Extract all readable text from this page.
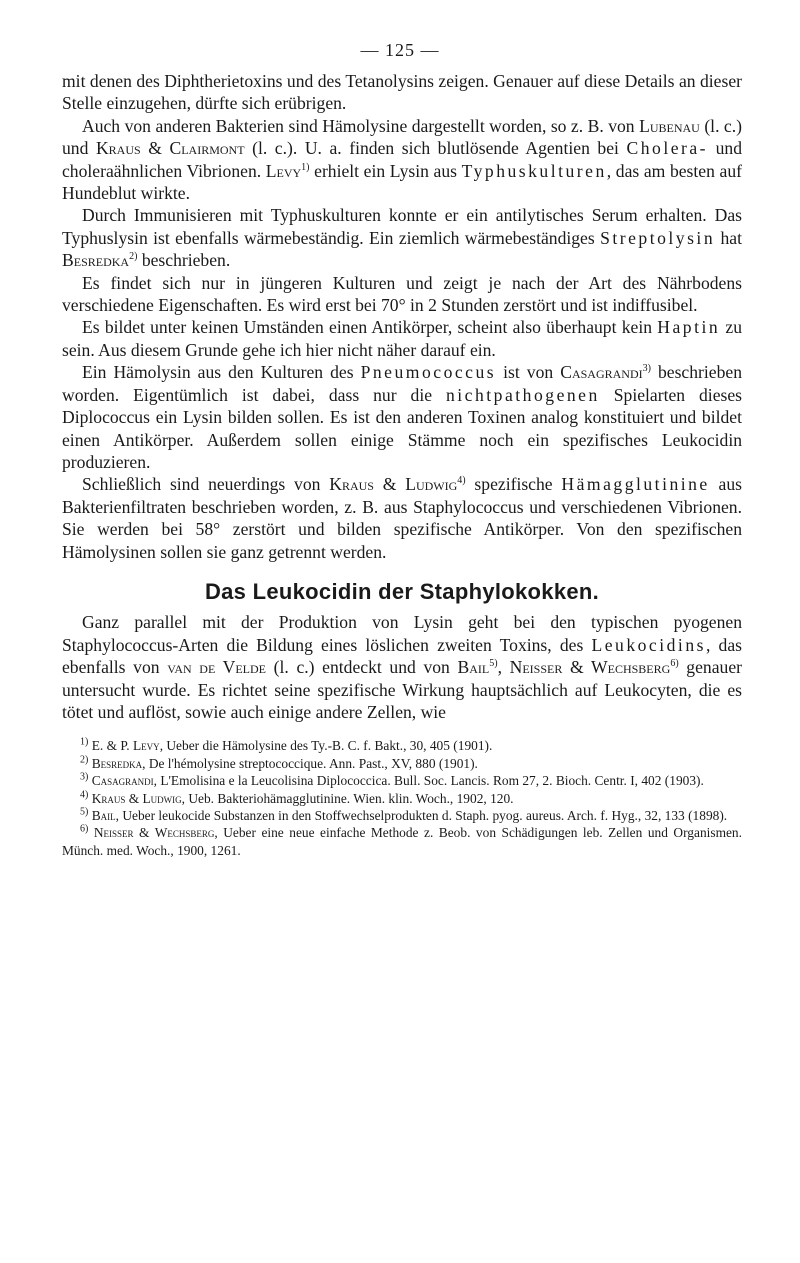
— 125 —

mit denen des Diphtherietoxins und des Tetanolysins zeigen. Genauer auf diese Details an dieser Stelle einzugehen, dürfte sich erübrigen.

Auch von anderen Bakterien sind Hämolysine dargestellt worden, so z. B. von Lubenau (l. c.) und Kraus & Clairmont (l. c.). U. a. finden sich blutlösende Agentien bei Cholera- und choleraähnlichen Vibrionen. Levy$^{1)}$ erhielt ein Lysin aus Typhuskulturen, das am besten auf Hundeblut wirkte.

Durch Immunisieren mit Typhuskulturen konnte er ein antilytisches Serum erhalten. Das Typhuslysin ist ebenfalls wärmebeständig. Ein ziemlich wärmebeständiges Streptolysin hat Besredka$^{2)}$ beschrieben.

Es findet sich nur in jüngeren Kulturen und zeigt je nach der Art des Nährbodens verschiedene Eigenschaften. Es wird erst bei 70° in 2 Stunden zerstört und ist indiffusibel.

Es bildet unter keinen Umständen einen Antikörper, scheint also überhaupt kein Haptin zu sein. Aus diesem Grunde gehe ich hier nicht näher darauf ein.

Ein Hämolysin aus den Kulturen des Pneumococcus ist von Casagrandi$^{3)}$ beschrieben worden. Eigentümlich ist dabei, dass nur die nichtpathogenen Spielarten dieses Diplococcus ein Lysin bilden sollen. Es ist den anderen Toxinen analog konstituiert und bildet einen Antikörper. Außerdem sollen einige Stämme noch ein spezifisches Leukocidin produzieren.

Schließlich sind neuerdings von Kraus & Ludwig$^{4)}$ spezifische Hämagglutinine aus Bakterienfiltraten beschrieben worden, z. B. aus Staphylococcus und verschiedenen Vibrionen. Sie werden bei 58° zerstört und bilden spezifische Antikörper. Von den spezifischen Hämolysinen sollen sie ganz getrennt werden.

Das Leukocidin der Staphylokokken.

Ganz parallel mit der Produktion von Lysin geht bei den typischen pyogenen Staphylococcus-Arten die Bildung eines löslichen zweiten Toxins, des Leukocidins, das ebenfalls von van de Velde (l. c.) entdeckt und von Bail$^{5)}$, Neisser & Wechsberg$^{6)}$ genauer untersucht wurde. Es richtet seine spezifische Wirkung hauptsächlich auf Leukocyten, die es tötet und auflöst, sowie auch einige andere Zellen, wie

$^{1)}$ E. & P. Levy, Ueber die Hämolysine des Ty.-B. C. f. Bakt., 30, 405 (1901).
$^{2)}$ Besredka, De l'hémolysine streptococcique. Ann. Past., XV, 880 (1901).
$^{3)}$ Casagrandi, L'Emolisina e la Leucolisina Diplococcica. Bull. Soc. Lancis. Rom 27, 2. Bioch. Centr. I, 402 (1903).
$^{4)}$ Kraus & Ludwig, Ueb. Bakteriohämagglutinine. Wien. klin. Woch., 1902, 120.
$^{5)}$ Bail, Ueber leukocide Substanzen in den Stoffwechselprodukten d. Staph. pyog. aureus. Arch. f. Hyg., 32, 133 (1898).
$^{6)}$ Neisser & Wechsberg, Ueber eine neue einfache Methode z. Beob. von Schädigungen leb. Zellen und Organismen. Münch. med. Woch., 1900, 1261.
